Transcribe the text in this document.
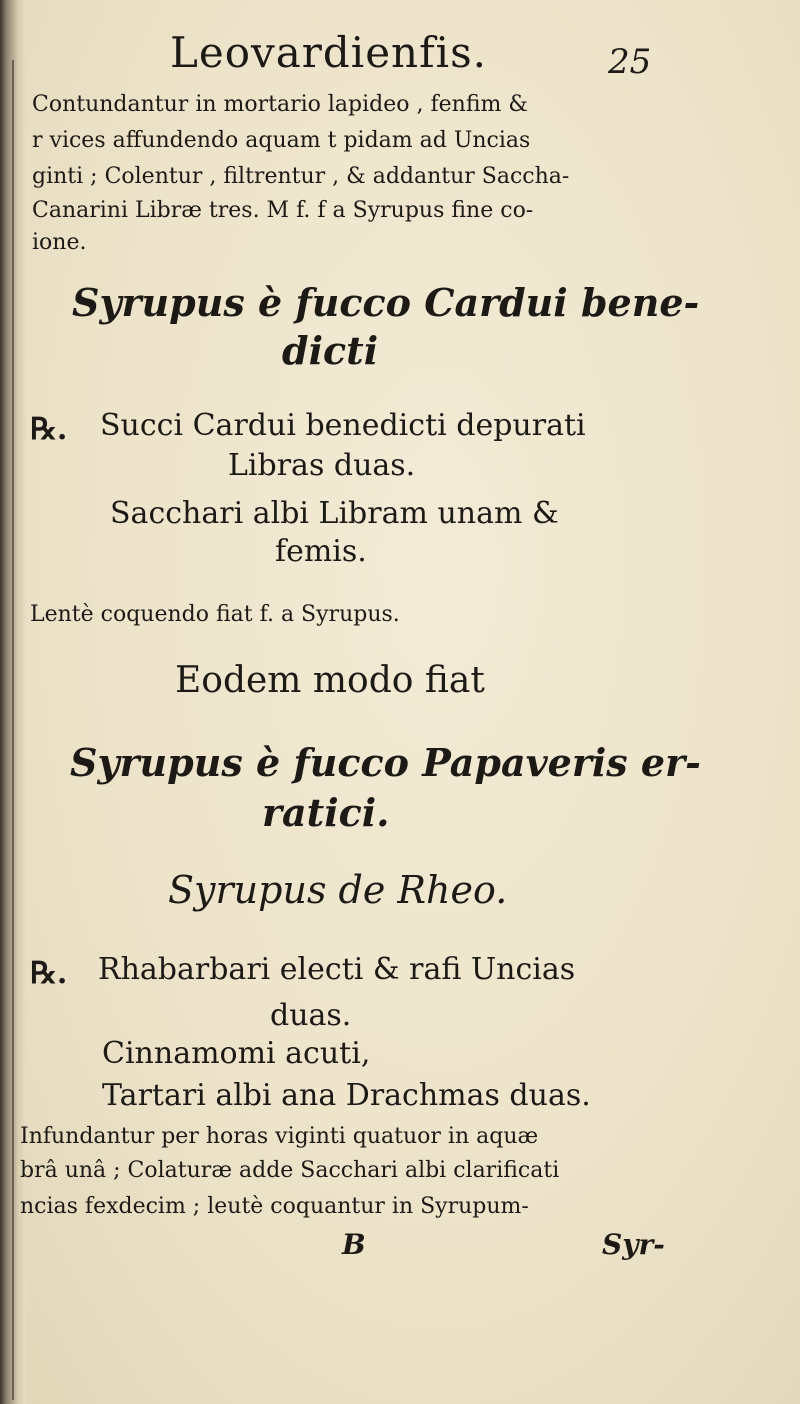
Leovardienfis.	25
Contundantur in mortario lapideo , fenfim &
r vices affundendo aquam t pidam ad Uncias
ginti ; Colentur , filtrentur , & addantur Saccha-
Canarini Libræ tres. M f. f a Syrupus fine co-
ione.
Syrupus è fucco Cardui bene-
dicti
℞. Succi Cardui benedicti depurati
Libras duas.
Sacchari albi Libram unam &
femis.
Lentè coquendo fiat f. a Syrupus.
Eodem modo fiat
Syrupus è fucco Papaveris er-
ratici.
Syrupus de Rheo.
℞. Rhabarbari electi & rafi Uncias
duas.
Cinnamomi acuti,
Tartari albi ana Drachmas duas.
Infundantur per horas viginti quatuor in aquæ
brâ unâ ; Colaturæ adde Sacchari albi clarificati
ncias fexdecim ; leutè coquantur in Syrupum-
B	Syr-
